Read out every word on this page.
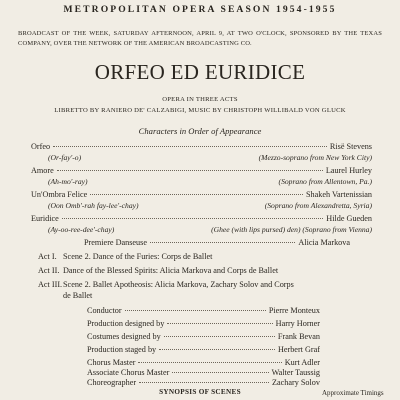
METROPOLITAN OPERA SEASON 1954-1955
BROADCAST OF THE WEEK, SATURDAY AFTERNOON, APRIL 9, AT TWO O'CLOCK, SPONSORED BY THE TEXAS COMPANY, OVER THE NETWORK OF THE AMERICAN BROADCASTING CO.
ORFEO ED EURIDICE
OPERA IN THREE ACTS
LIBRETTO BY RANIERO DE' CALZABIGI, MUSIC BY CHRISTOPH WILLIBALD VON GLUCK
Characters in Order of Appearance
Orfeo	Risë Stevens
(Or-fay'-o)	(Mezzo-soprano from New York City)
Amore	Laurel Hurley
(Ah-mo'-ray)	(Soprano from Allentown, Pa.)
Un'Ombra Felice	Shakeh Vartenissian
(Oon Omb'-rah fay-lee'-chay)	(Soprano from Alexandretta, Syria)
Euridice	Hilde Gueden
(Ay-oo-ree-dee'-chay)	(Ghee (with lips pursed) den) (Soprano from Vienna)
Premiere Danseuse	Alicia Markova
Act I. Scene 2. Dance of the Furies: Corps de Ballet
Act II. Dance of the Blessed Spirits: Alicia Markova and Corps de Ballet
Act III.Scene 2. Ballet Apotheosis: Alicia Markova, Zachary Solov and Corps
de Ballet
Conductor	Pierre Monteux
Production designed by	Harry Horner
Costumes designed by	Frank Bevan
Production staged by	Herbert Graf
Chorus Master	Kurt Adler
Associate Chorus Master	Walter Taussig
Choreographer	Zachary Solov
SYNOPSIS OF SCENES	Approximate Timings
